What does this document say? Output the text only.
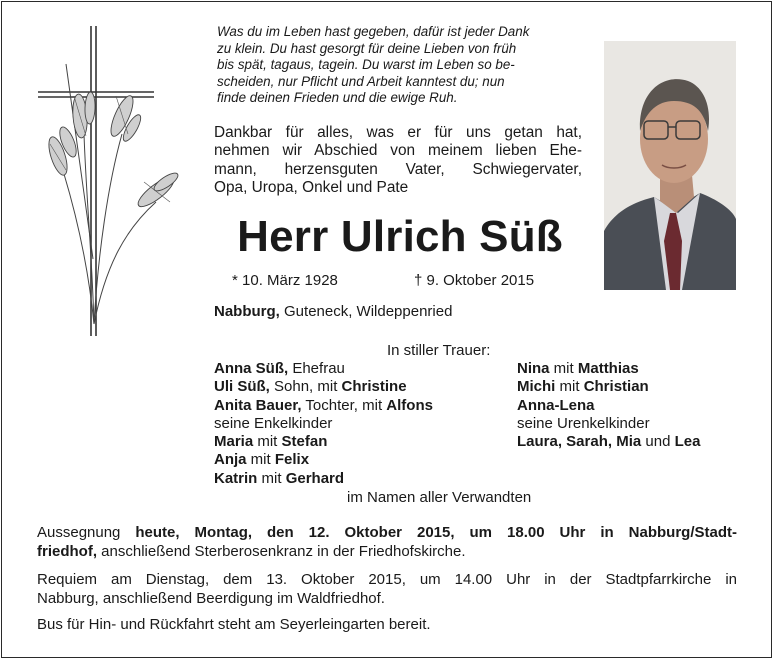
Was du im Leben hast gegeben, dafür ist jeder Dank
zu klein. Du hast gesorgt für deine Lieben von früh
bis spät, tagaus, tagein. Du warst im Leben so be-
scheiden, nur Pflicht und Arbeit kanntest du; nun
finde deinen Frieden und die ewige Ruh.
Dankbar für alles, was er für uns getan hat,
nehmen wir Abschied von meinem lieben Ehe-
mann, herzensguten Vater, Schwiegervater,
Opa, Uropa, Onkel und Pate
Herr Ulrich Süß
* 10. März 1928	† 9. Oktober 2015
Nabburg, Guteneck, Wildeppenried
In stiller Trauer:
Anna Süß, Ehefrau
Uli Süß, Sohn, mit Christine
Anita Bauer, Tochter, mit Alfons
seine Enkelkinder
Maria mit Stefan
Anja mit Felix
Katrin mit Gerhard
Nina mit Matthias
Michi mit Christian
Anna-Lena
seine Urenkelkinder
Laura, Sarah, Mia und Lea
im Namen aller Verwandten
Aussegnung heute, Montag, den 12. Oktober 2015, um 18.00 Uhr in Nabburg/Stadt-
friedhof, anschließend Sterberosenkranz in der Friedhofskirche.
Requiem am Dienstag, dem 13. Oktober 2015, um 14.00 Uhr in der Stadtpfarrkirche in
Nabburg, anschließend Beerdigung im Waldfriedhof.
Bus für Hin- und Rückfahrt steht am Seyerleingarten bereit.
